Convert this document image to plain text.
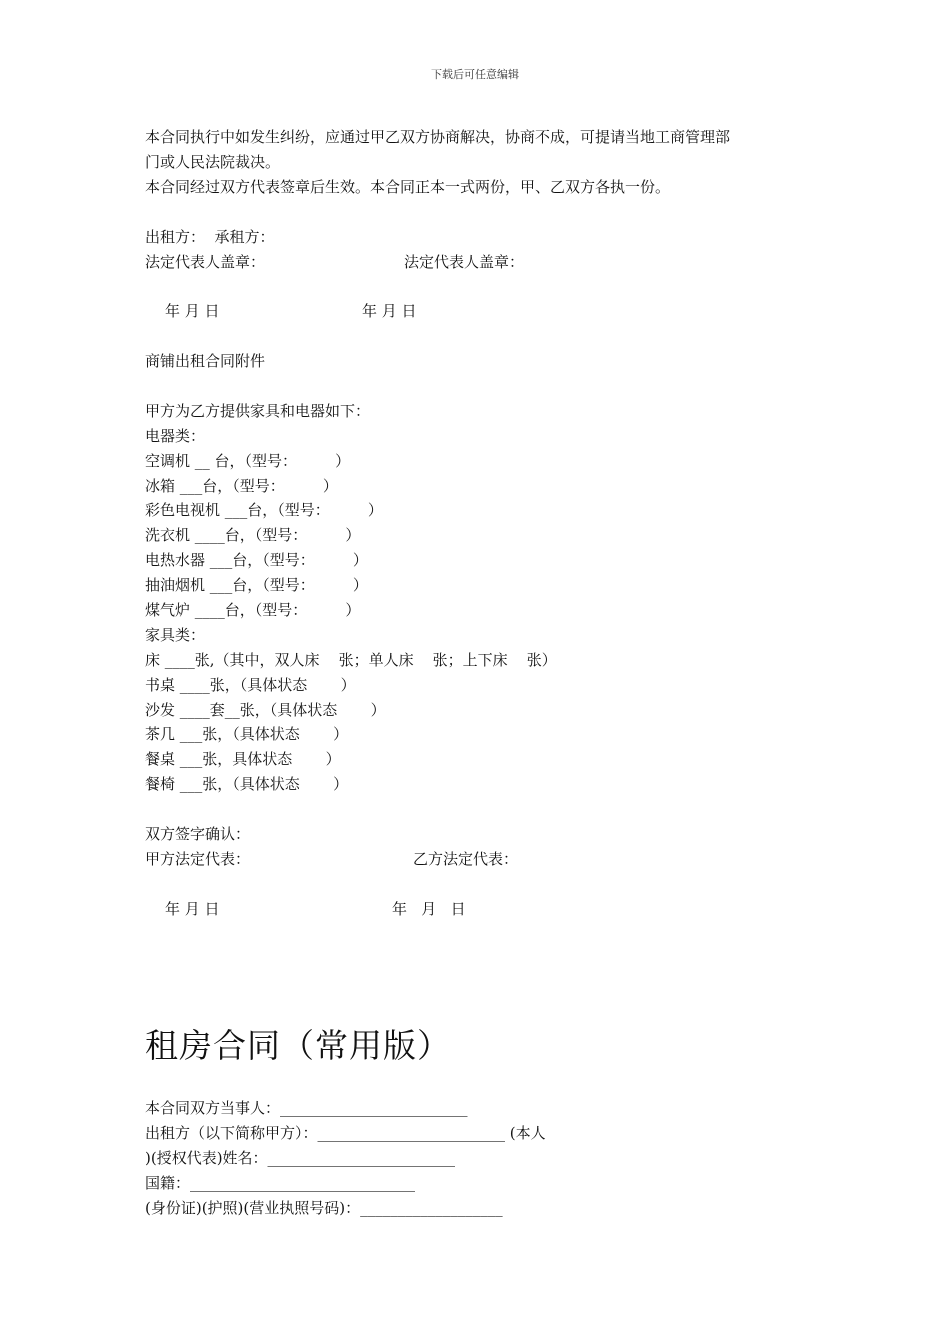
下载后可任意编辑
本合同执行中如发生纠纷，应通过甲乙双方协商解决，协商不成，可提请当地工商管理部
门或人民法院裁决。
本合同经过双方代表签章后生效。本合同正本一式两份，甲、乙双方各执一份。
出租方：  承租方：
法定代表人盖章：	法定代表人盖章：
年 月 日	年 月 日
商铺出租合同附件
甲方为乙方提供家具和电器如下：
电器类：
空调机 __ 台，（型号：        ）
冰箱 ___台，（型号：        ）
彩色电视机 ___台，（型号：        ）
洗衣机 ____台，（型号：        ）
电热水器 ___台，（型号：        ）
抽油烟机 ___台，（型号：        ）
煤气炉 ____台，（型号：        ）
家具类：
床 ____张,（其中，双人床    张；单人床    张；上下床    张）
书桌 ____张，（具体状态       ）
沙发 ____套__张，（具体状态       ）
茶几 ___张，（具体状态       ）
餐桌 ___张，具体状态       ）
餐椅 ___张，（具体状态       ）
双方签字确认：
甲方法定代表：	乙方法定代表：
年 月 日	年   月   日
租房合同（常用版）
本合同双方当事人：_________________________
出租方（以下简称甲方）：_________________________ (本人
)(授权代表)姓名：_________________________
国籍：______________________________
(身份证)(护照)(营业执照号码)：___________________
